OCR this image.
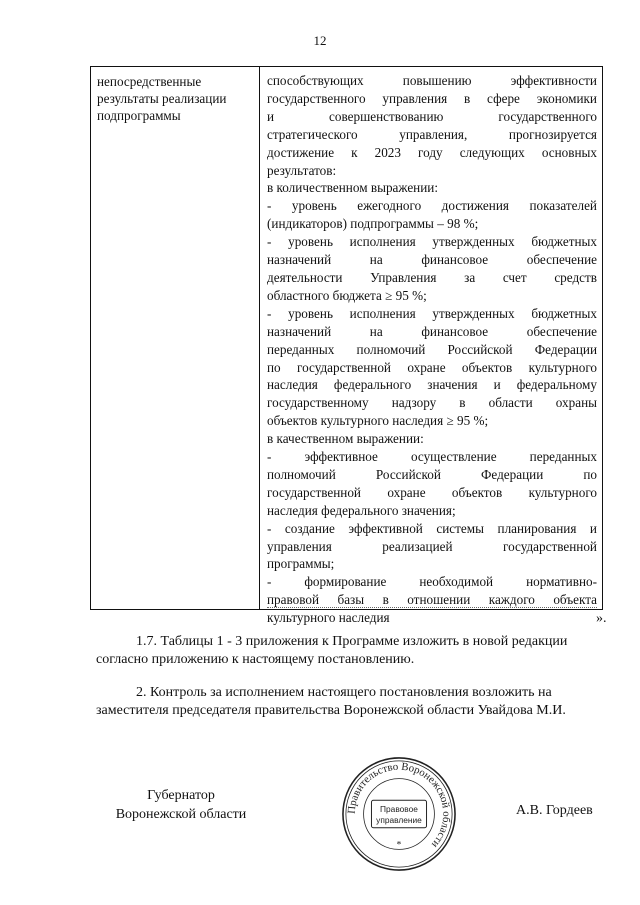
12
непосредственные результаты реализации подпрограммы

способствующих повышению эффективности

государственного управления в сфере экономики

и совершенствованию государственного

стратегического управления, прогнозируется

достижение к 2023 году следующих основных

результатов:

в количественном выражении:

- уровень ежегодного достижения показателей

(индикаторов) подпрограммы – 98 %;

- уровень исполнения утвержденных бюджетных

назначений на финансовое обеспечение

деятельности Управления за счет средств

областного бюджета ≥ 95 %;

- уровень исполнения утвержденных бюджетных

назначений на финансовое обеспечение

переданных полномочий Российской Федерации

по государственной охране объектов культурного

наследия федерального значения и федеральному

государственному надзору в области охраны

объектов культурного наследия ≥ 95 %;

в качественном выражении:

- эффективное осуществление переданных

полномочий Российской Федерации по

государственной охране объектов культурного

наследия федерального значения;

- создание эффективной системы планирования и

управления реализацией государственной

программы;

- формирование необходимой нормативно-

правовой базы в отношении каждого объекта

культурного наследия	».
1.7. Таблицы 1 - 3 приложения к Программе изложить в новой редакции согласно приложению к настоящему постановлению.
2. Контроль за исполнением настоящего постановления возложить на заместителя председателя правительства Воронежской области Увайдова М.И.
Губернатор
Воронежской области	А.В. Гордеев
Правительство Воронежской области
Правовое
управление
*
